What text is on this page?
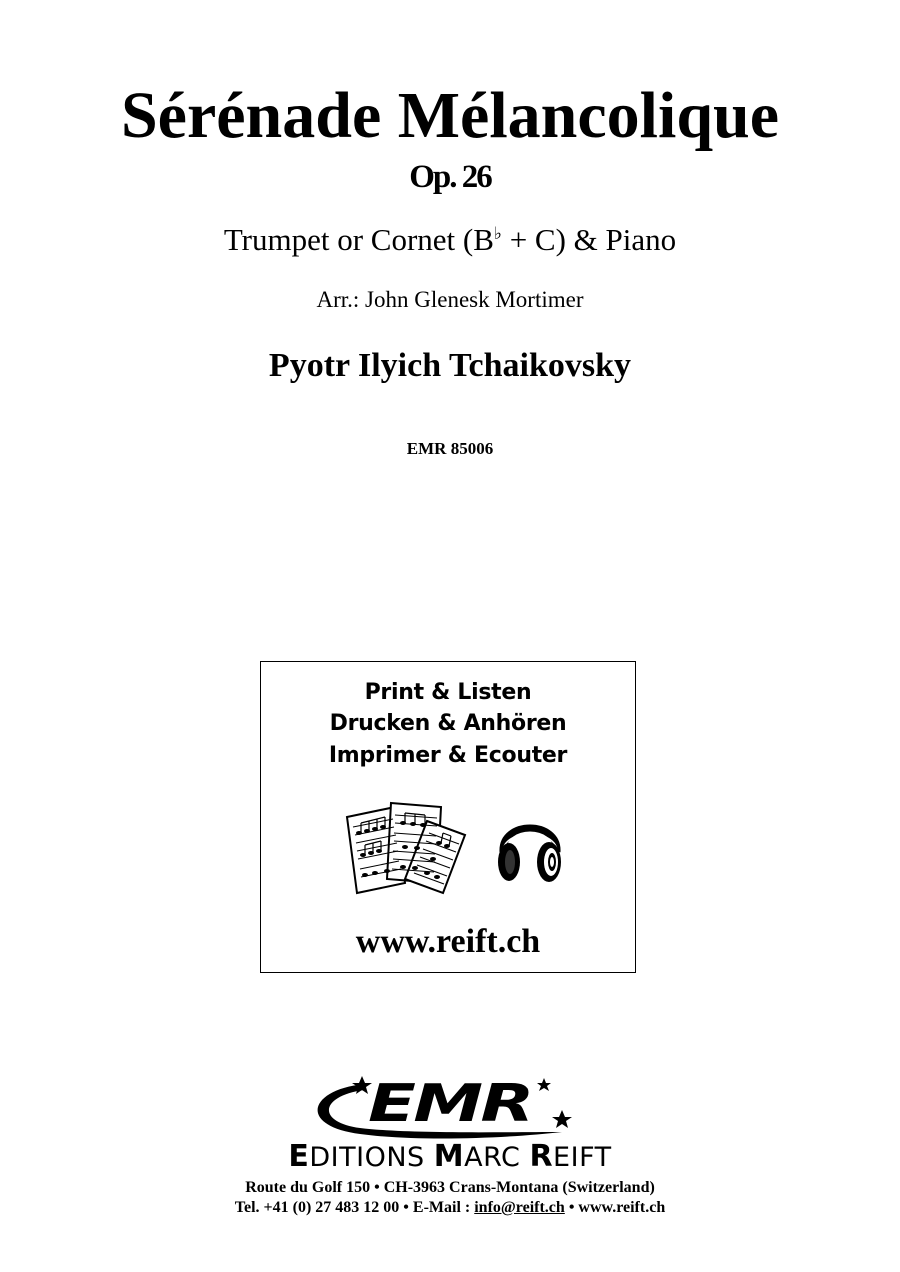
Sérénade Mélancolique
Op. 26
Trumpet or Cornet (B♭ + C) & Piano
Arr.: John Glenesk Mortimer
Pyotr Ilyich Tchaikovsky
EMR 85006
Print & Listen
Drucken & Anhören
Imprimer & Ecouter
www.reift.ch
EMR
EDITIONS MARC REIFT
Route du Golf 150 • CH-3963 Crans-Montana (Switzerland)
Tel. +41 (0) 27 483 12 00 • E-Mail : info@reift.ch • www.reift.ch
